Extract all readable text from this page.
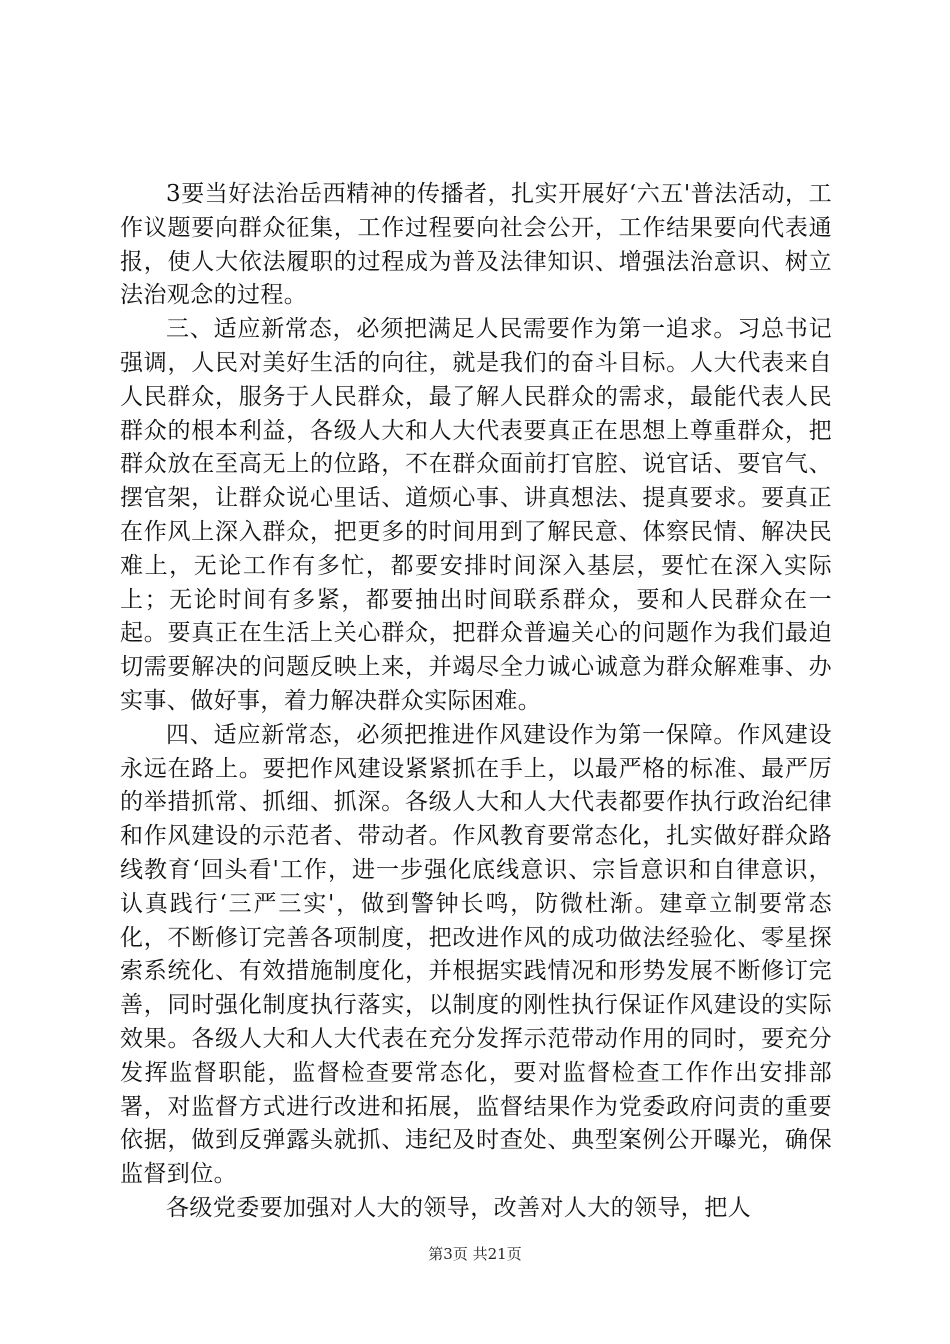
3要当好法治岳西精神的传播者，扎实开展好‘六五'普法活动，工作议题要向群众征集，工作过程要向社会公开，工作结果要向代表通报，使人大依法履职的过程成为普及法律知识、增强法治意识、树立法治观念的过程。

三、适应新常态，必须把满足人民需要作为第一追求。习总书记强调，人民对美好生活的向往，就是我们的奋斗目标。人大代表来自人民群众，服务于人民群众，最了解人民群众的需求，最能代表人民群众的根本利益，各级人大和人大代表要真正在思想上尊重群众，把群众放在至高无上的位路，不在群众面前打官腔、说官话、要官气、摆官架，让群众说心里话、道烦心事、讲真想法、提真要求。要真正在作风上深入群众，把更多的时间用到了解民意、体察民情、解决民难上，无论工作有多忙，都要安排时间深入基层，要忙在深入实际上；无论时间有多紧，都要抽出时间联系群众，要和人民群众在一起。要真正在生活上关心群众，把群众普遍关心的问题作为我们最迫切需要解决的问题反映上来，并竭尽全力诚心诚意为群众解难事、办实事、做好事，着力解决群众实际困难。

四、适应新常态，必须把推进作风建设作为第一保障。作风建设永远在路上。要把作风建设紧紧抓在手上，以最严格的标准、最严厉的举措抓常、抓细、抓深。各级人大和人大代表都要作执行政治纪律和作风建设的示范者、带动者。作风教育要常态化，扎实做好群众路线教育‘回头看'工作，进一步强化底线意识、宗旨意识和自律意识，认真践行‘三严三实'，做到警钟长鸣，防微杜渐。建章立制要常态化，不断修订完善各项制度，把改进作风的成功做法经验化、零星探索系统化、有效措施制度化，并根据实践情况和形势发展不断修订完善，同时强化制度执行落实，以制度的刚性执行保证作风建设的实际效果。各级人大和人大代表在充分发挥示范带动作用的同时，要充分发挥监督职能，监督检查要常态化，要对监督检查工作作出安排部署，对监督方式进行改进和拓展，监督结果作为党委政府问责的重要依据，做到反弹露头就抓、违纪及时查处、典型案例公开曝光，确保监督到位。

各级党委要加强对人大的领导，改善对人大的领导，把人

第3页 共21页
